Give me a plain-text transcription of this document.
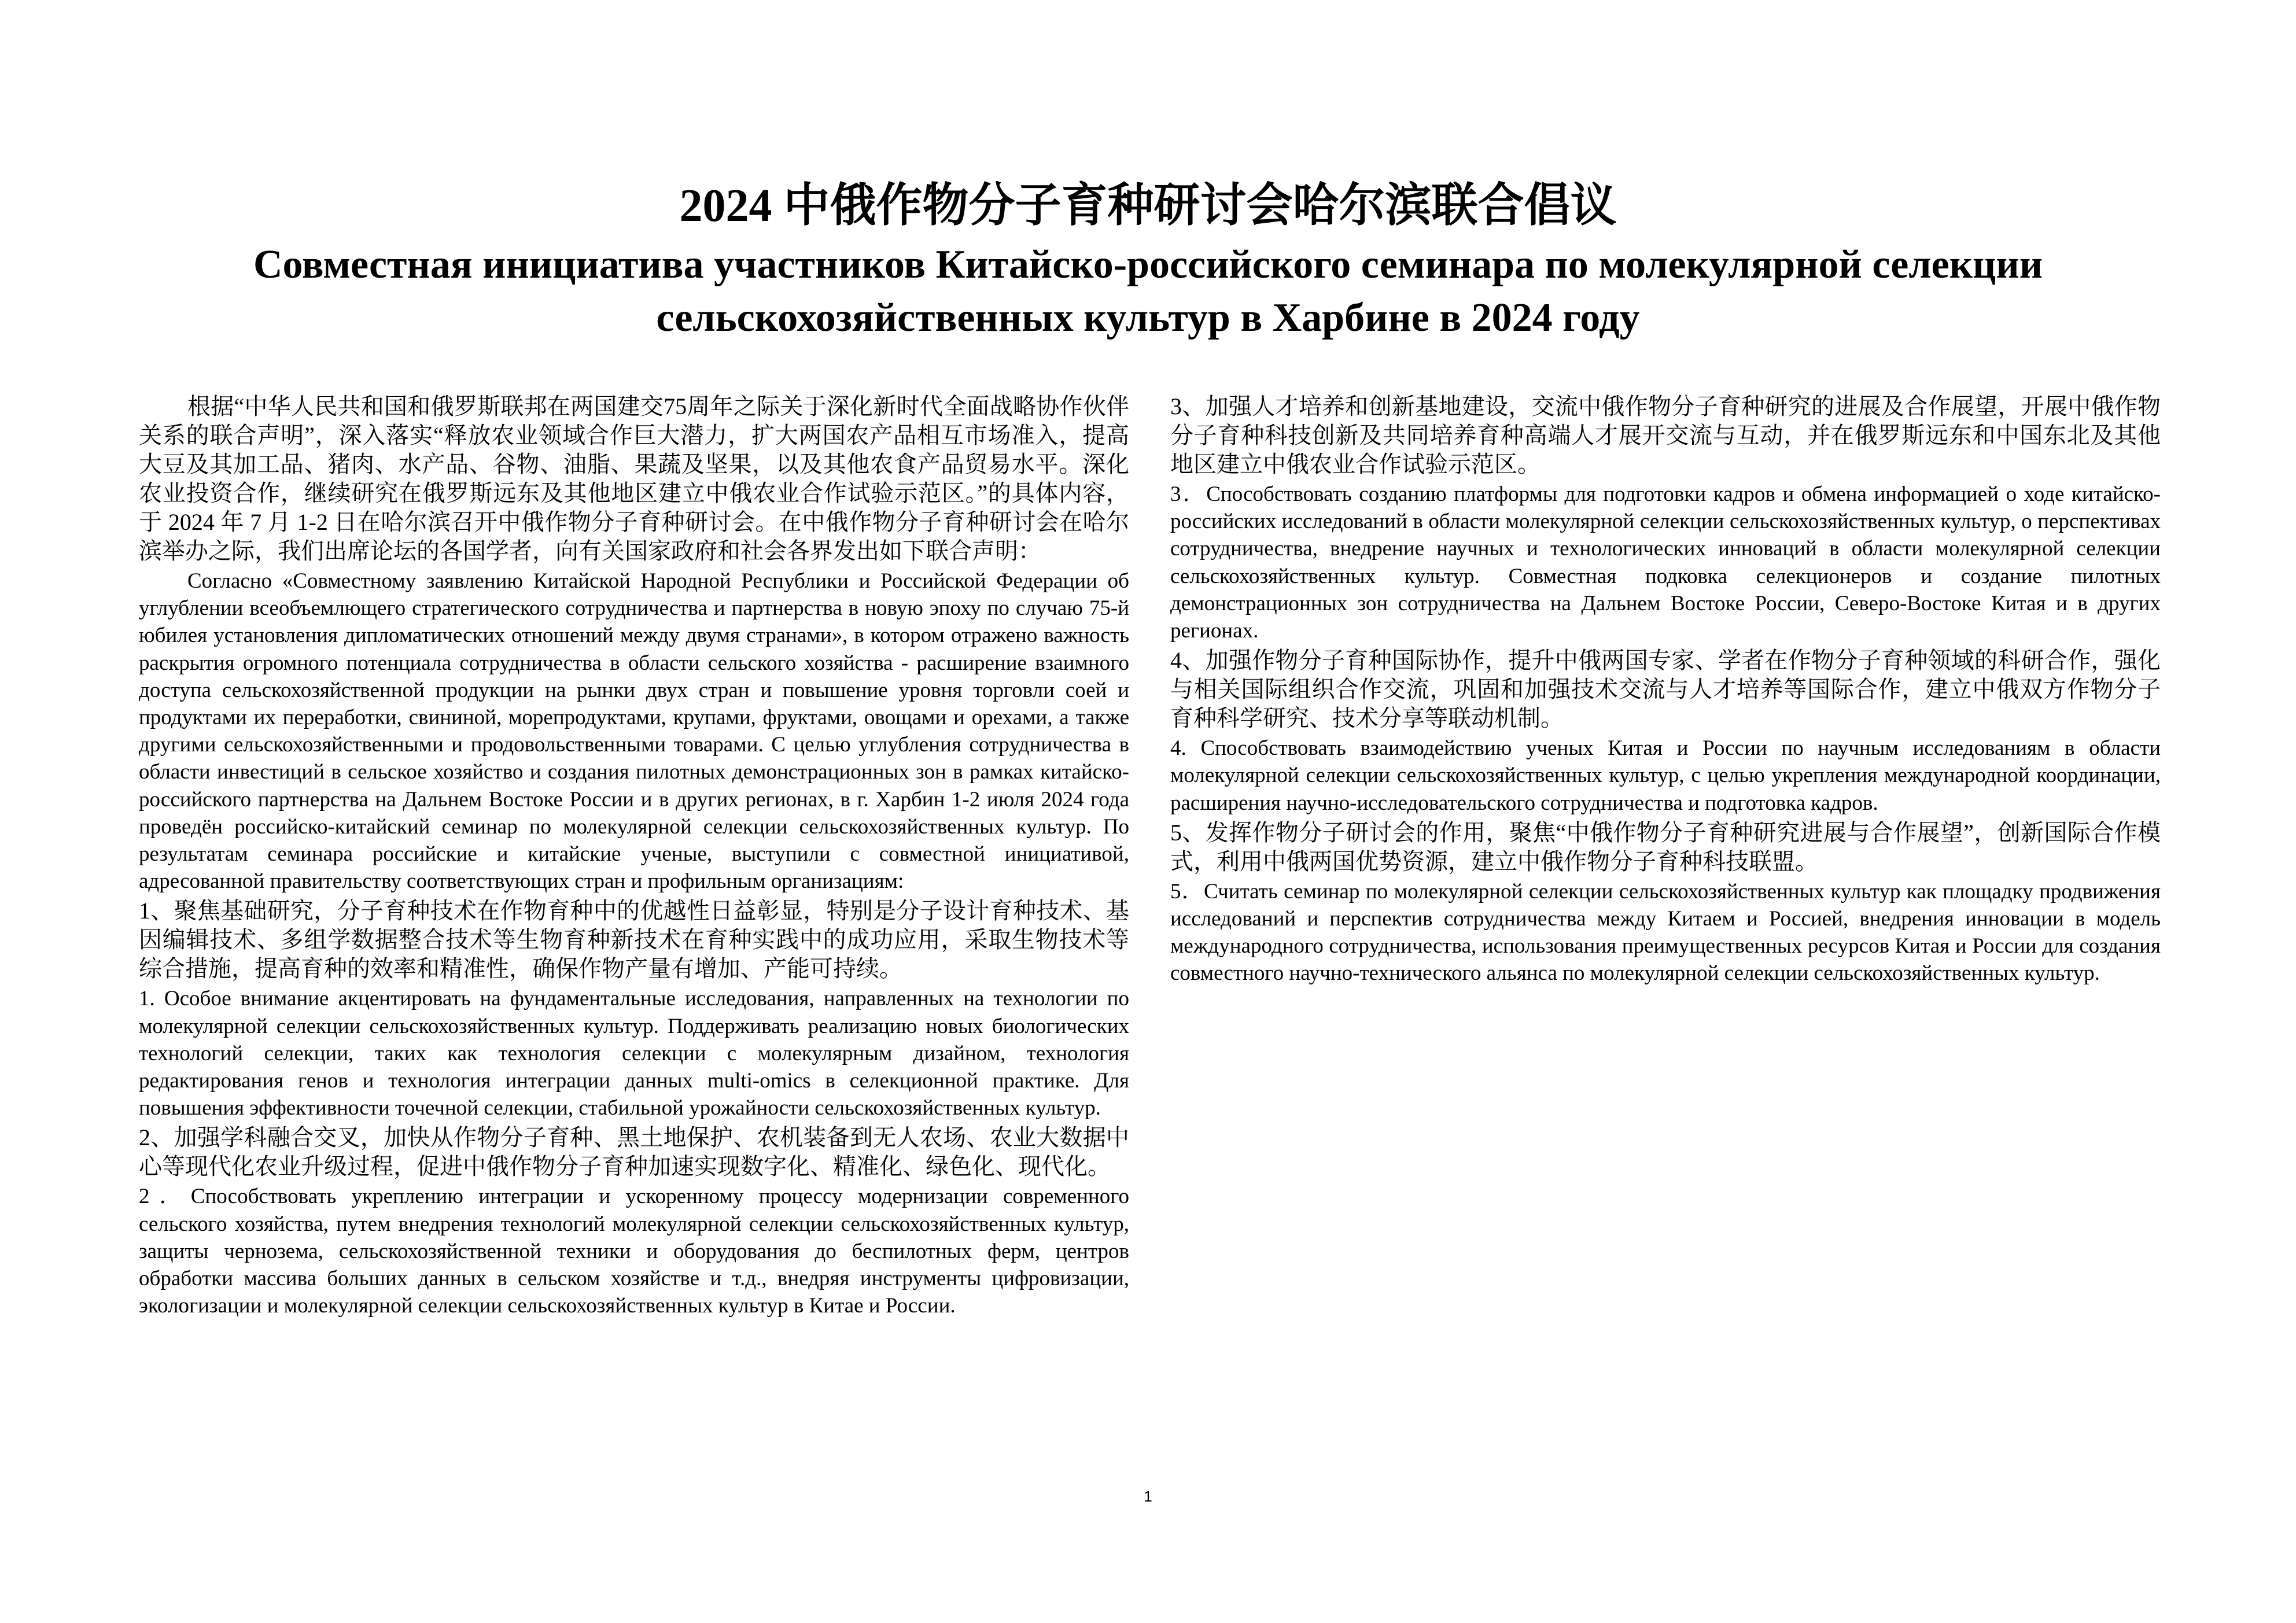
2024 中俄作物分子育种研讨会哈尔滨联合倡议
Совместная инициатива участников Китайско-российского семинара по молекулярной селекции сельскохозяйственных культур в Харбине в 2024 году

根据“中华人民共和国和俄罗斯联邦在两国建交75周年之际关于深化新时代全面战略协作伙伴关系的联合声明”，深入落实“释放农业领域合作巨大潜力，扩大两国农产品相互市场准入，提高大豆及其加工品、猪肉、水产品、谷物、油脂、果蔬及坚果，以及其他农食产品贸易水平。深化农业投资合作，继续研究在俄罗斯远东及其他地区建立中俄农业合作试验示范区。”的具体内容，于 2024 年 7 月 1-2 日在哈尔滨召开中俄作物分子育种研讨会。在中俄作物分子育种研讨会在哈尔滨举办之际，我们出席论坛的各国学者，向有关国家政府和社会各界发出如下联合声明：

Согласно «Совместному заявлению Китайской Народной Республики и Российской Федерации об углублении всеобъемлющего стратегического сотрудничества и партнерства в новую эпоху по случаю 75-й юбилея установления дипломатических отношений между двумя странами», в котором отражено важность раскрытия огромного потенциала сотрудничества в области сельского хозяйства - расширение взаимного доступа сельскохозяйственной продукции на рынки двух стран и повышение уровня торговли соей и продуктами их переработки, свининой, морепродуктами, крупами, фруктами, овощами и орехами, а также другими сельскохозяйственными и продовольственными товарами. С целью углубления сотрудничества в области инвестиций в сельское хозяйство и создания пилотных демонстрационных зон в рамках китайско-российского партнерства на Дальнем Востоке России и в других регионах, в г. Харбин 1-2 июля 2024 года проведён российско-китайский семинар по молекулярной селекции сельскохозяйственных культур. По результатам семинара российские и китайские ученые, выступили с совместной инициативой, адресованной правительству соответствующих стран и профильным организациям:

1、聚焦基础研究，分子育种技术在作物育种中的优越性日益彰显，特别是分子设计育种技术、基因编辑技术、多组学数据整合技术等生物育种新技术在育种实践中的成功应用，采取生物技术等综合措施，提高育种的效率和精准性，确保作物产量有增加、产能可持续。

1. Особое внимание акцентировать на фундаментальные исследования, направленных на технологии по молекулярной селекции сельскохозяйственных культур. Поддерживать реализацию новых биологических технологий селекции, таких как технология селекции с молекулярным дизайном, технология редактирования генов и технология интеграции данных multi-omics в селекционной практике. Для повышения эффективности точечной селекции, стабильной урожайности сельскохозяйственных культур.

2、加强学科融合交叉，加快从作物分子育种、黑土地保护、农机装备到无人农场、农业大数据中心等现代化农业升级过程，促进中俄作物分子育种加速实现数字化、精准化、绿色化、现代化。

2．Способствовать укреплению интеграции и ускоренному процессу модернизации современного сельского хозяйства, путем внедрения технологий молекулярной селекции сельскохозяйственных культур, защиты чернозема, сельскохозяйственной техники и оборудования до беспилотных ферм, центров обработки массива больших данных в сельском хозяйстве и т.д., внедряя инструменты цифровизации, экологизации и молекулярной селекции сельскохозяйственных культур в Китае и России.

3、加强人才培养和创新基地建设，交流中俄作物分子育种研究的进展及合作展望，开展中俄作物分子育种科技创新及共同培养育种高端人才展开交流与互动，并在俄罗斯远东和中国东北及其他地区建立中俄农业合作试验示范区。

3．Способствовать созданию платформы для подготовки кадров и обмена информацией о ходе китайско-российских исследований в области молекулярной селекции сельскохозяйственных культур, о перспективах сотрудничества, внедрение научных и технологических инноваций в области молекулярной селекции сельскохозяйственных культур. Совместная подковка селекционеров и создание пилотных демонстрационных зон сотрудничества на Дальнем Востоке России, Северо-Востоке Китая и в других регионах.

4、加强作物分子育种国际协作，提升中俄两国专家、学者在作物分子育种领域的科研合作，强化与相关国际组织合作交流，巩固和加强技术交流与人才培养等国际合作，建立中俄双方作物分子育种科学研究、技术分享等联动机制。

4. Способствовать взаимодействию ученых Китая и России по научным исследованиям в области молекулярной селекции сельскохозяйственных культур, с целью укрепления международной координации, расширения научно-исследовательского сотрудничества и подготовка кадров.

5、发挥作物分子研讨会的作用，聚焦“中俄作物分子育种研究进展与合作展望”，创新国际合作模式，利用中俄两国优势资源，建立中俄作物分子育种科技联盟。

5．Считать семинар по молекулярной селекции сельскохозяйственных культур как площадку продвижения исследований и перспектив сотрудничества между Китаем и Россией, внедрения инновации в модель международного сотрудничества, использования преимущественных ресурсов Китая и России для создания совместного научно-технического альянса по молекулярной селекции сельскохозяйственных культур.

1
